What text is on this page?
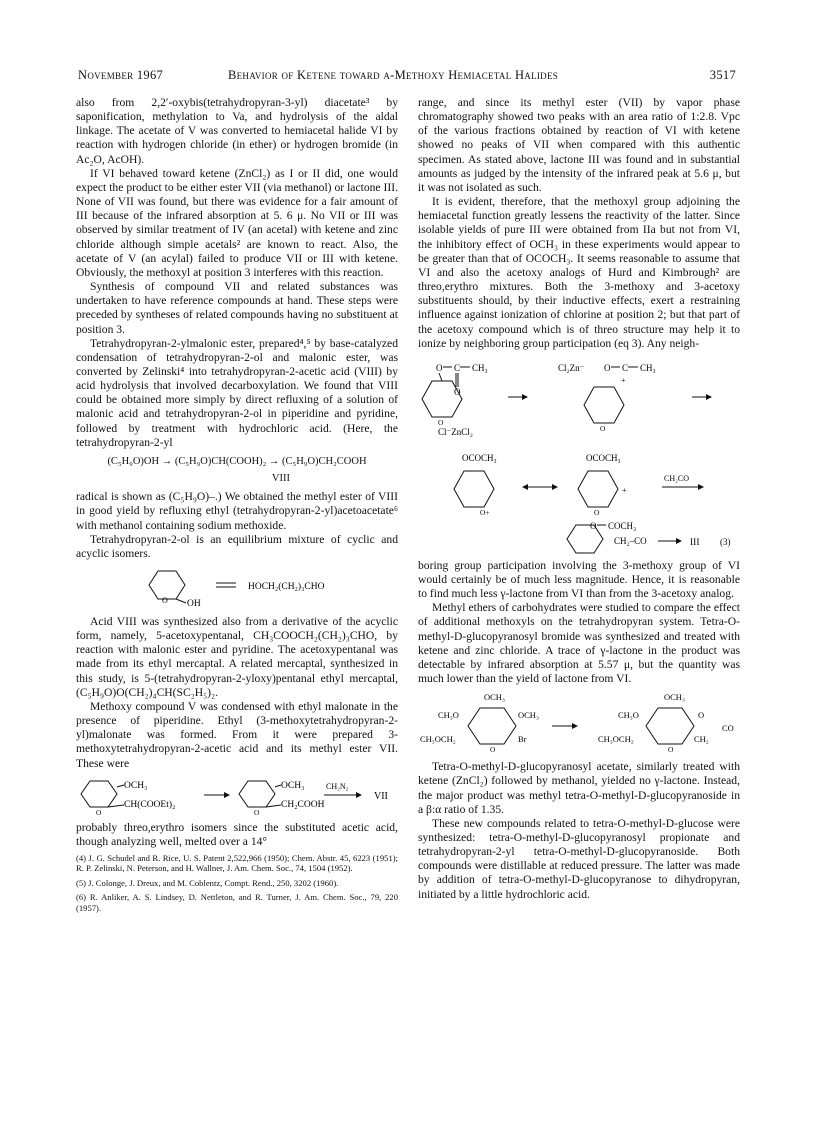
November 1967	Behavior of Ketene toward α-Methoxy Hemiacetal Halides	3517

also from 2,2′-oxybis(tetrahydropyran-3-yl) diacetate³ by saponification, methylation to Va, and hydrolysis of the aldal linkage. The acetate of V was converted to hemiacetal halide VI by reaction with hydrogen chloride (in ether) or hydrogen bromide (in Ac₂O, AcOH).

If VI behaved toward ketene (ZnCl₂) as I or II did, one would expect the product to be either ester VII (via methanol) or lactone III. None of VII was found, but there was evidence for a fair amount of III because of the infrared absorption at 5. 6 μ. No VII or III was observed by similar treatment of IV (an acetal) with ketene and zinc chloride although simple acetals² are known to react. Also, the acetate of V (an acylal) failed to produce VII or III with ketene. Obviously, the methoxyl at position 3 interferes with this reaction.

Synthesis of compound VII and related substances was undertaken to have reference compounds at hand. These steps were preceded by syntheses of related compounds having no substituent at position 3.

Tetrahydropyran-2-ylmalonic ester, prepared⁴,⁵ by base-catalyzed condensation of tetrahydropyran-2-ol and malonic ester, was converted by Zelinski⁴ into tetrahydropyran-2-acetic acid (VIII) by acid hydrolysis that involved decarboxylation. We found that VIII could be obtained more simply by direct refluxing of a solution of malonic acid and tetrahydropyran-2-ol in piperidine and pyridine, followed by treatment with hydrochloric acid. (Here, the tetrahydropyran-2-yl

(C₅H₉O)OH → (C₅H₉O)CH(COOH)₂ → (C₅H₉O)CH₂COOH
VIII

radical is shown as (C₅H₉O)–.) We obtained the methyl ester of VIII in good yield by refluxing ethyl (tetrahydropyran-2-yl)acetoacetate⁶ with methanol containing sodium methoxide.

Tetrahydropyran-2-ol is an equilibrium mixture of cyclic and acyclic isomers.

O OH
HOCH₂(CH₂)₃CHO

Acid VIII was synthesized also from a derivative of the acyclic form, namely, 5-acetoxypentanal, CH₃COOCH₂(CH₂)₃CHO, by reaction with malonic ester and pyridine. The acetoxypentanal was made from its ethyl mercaptal. A related mercaptal, synthesized in this study, is 5-(tetrahydropyran-2-yloxy)pentanal ethyl mercaptal, (C₅H₉O)O(CH₂)₄CH(SC₂H₅)₂.

Methoxy compound V was condensed with ethyl malonate in the presence of piperidine. Ethyl (3-methoxytetrahydropyran-2-yl)malonate was formed. From it were prepared 3-methoxytetrahydropyran-2-acetic acid and its methyl ester VII. These were

O
OCH₃
CH(COOEt)₂
O
OCH₃
CH₂COOH
CH₂N₂
VII

probably threo,erythro isomers since the substituted acetic acid, though analyzing well, melted over a 14°

(4) J. G. Schudel and R. Rice, U. S. Patent 2,522,966 (1950); Chem. Abstr. 45, 6223 (1951); R. P. Zelinski, N. Peterson, and H. Wallner, J. Am. Chem. Soc., 74, 1504 (1952).

(5) J. Colonge, J. Dreux, and M. Coblentz, Compt. Rend., 250, 3202 (1960).

(6) R. Anliker, A. S. Lindsey, D. Nettleton, and R. Turner, J. Am. Chem. Soc., 79, 220 (1957).

range, and since its methyl ester (VII) by vapor phase chromatography showed two peaks with an area ratio of 1:2.8. Vpc of the various fractions obtained by reaction of VI with ketene showed no peaks of VII when compared with this authentic specimen. As stated above, lactone III was found and in substantial amounts as judged by the intensity of the infrared peak at 5.6 μ, but it was not isolated as such.

It is evident, therefore, that the methoxyl group adjoining the hemiacetal function greatly lessens the reactivity of the latter. Since isolable yields of pure III were obtained from IIa but not from VI, the inhibitory effect of OCH₃ in these experiments would appear to be greater than that of OCOCH₃. It seems reasonable to assume that VI and also the acetoxy analogs of Hurd and Kimbrough² are threo,erythro mixtures. Both the 3-methoxy and 3-acetoxy substituents should, by their inductive effects, exert a restraining influence against ionization of chlorine at position 2; but that part of the acetoxy compound which is of threo structure may help it to ionize by neighboring group participation (eq 3). Any neigh-

O
O C CH₃
O
Cl⁻ZnCl₂
Cl₂Zn⁻ O C CH₃
+
O
OCOCH₃
O+
OCOCH₃
O
+
CH₂CO
O COCH₃
CH₂–CO	III (3)

boring group participation involving the 3-methoxy group of VI would certainly be of much less magnitude. Hence, it is reasonable to find much less γ-lactone from VI than from the 3-acetoxy analog.

Methyl ethers of carbohydrates were studied to compare the effect of additional methoxyls on the tetrahydropyran system. Tetra-O-methyl-D-glucopyranosyl bromide was synthesized and treated with ketene and zinc chloride. A trace of γ-lactone in the product was detectable by infrared absorption at 5.57 μ, but the quantity was much lower than the yield of lactone from VI.

OCH₃
CH₃O	OCH₃
CH₃OCH₂	Br
O
OCH₃
CH₃O	O
CH₃OCH₂	CH₂
CO
O

Tetra-O-methyl-D-glucopyranosyl acetate, similarly treated with ketene (ZnCl₂) followed by methanol, yielded no γ-lactone. Instead, the major product was methyl tetra-O-methyl-D-glucopyranoside in a β:α ratio of 1.35.

These new compounds related to tetra-O-methyl-D-glucose were synthesized: tetra-O-methyl-D-glucopyranosyl propionate and tetrahydropyran-2-yl tetra-O-methyl-D-glucopyranoside. Both compounds were distillable at reduced pressure. The latter was made by addition of tetra-O-methyl-D-glucopyranose to dihydropyran, initiated by a little hydrochloric acid.
